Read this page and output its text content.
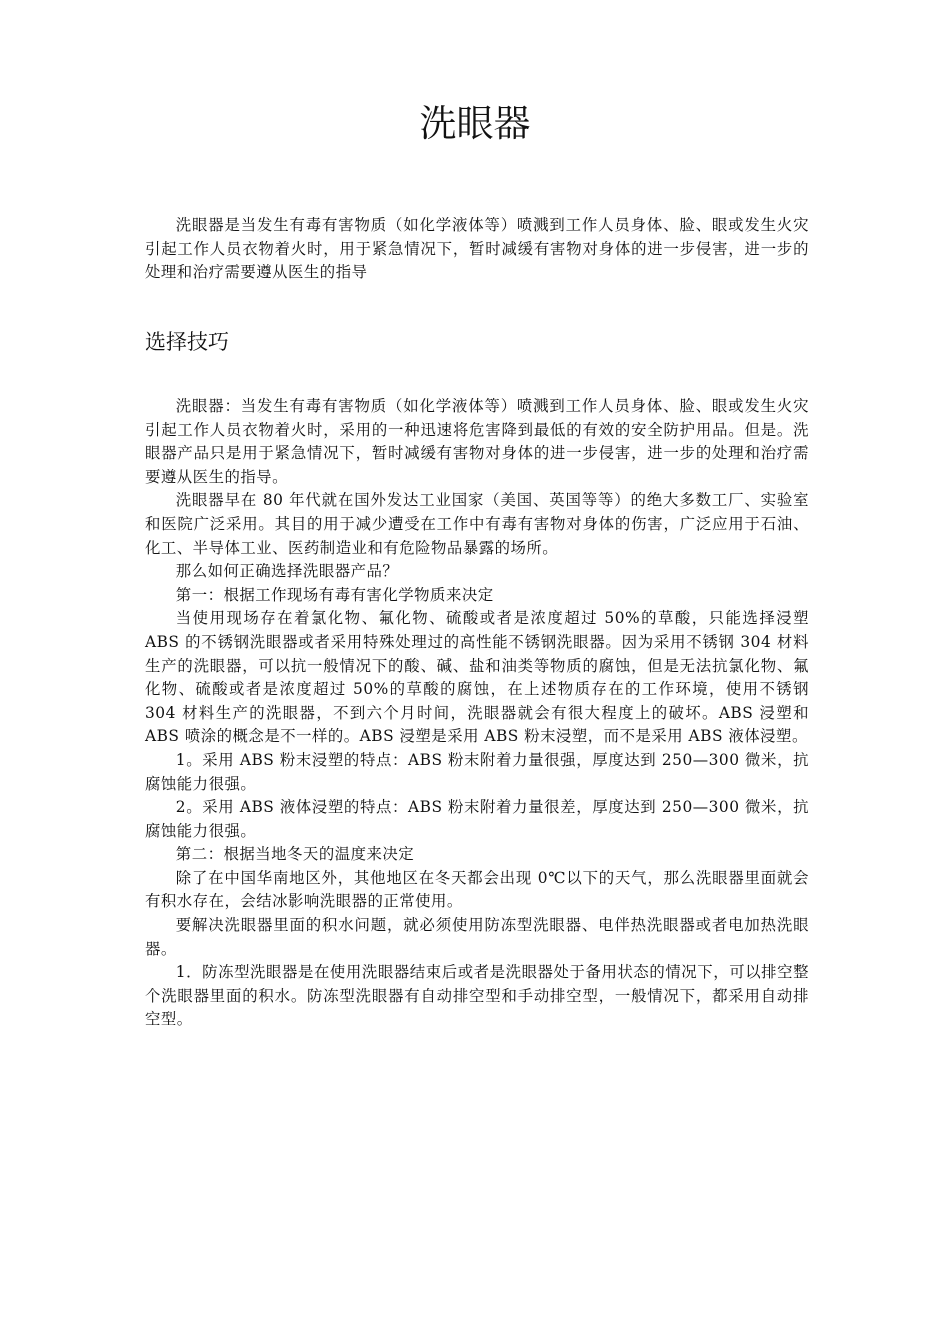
洗眼器

洗眼器是当发生有毒有害物质（如化学液体等）喷溅到工作人员身体、脸、眼或发生火灾引起工作人员衣物着火时，用于紧急情况下，暂时减缓有害物对身体的进一步侵害，进一步的处理和治疗需要遵从医生的指导

选择技巧

洗眼器：当发生有毒有害物质（如化学液体等）喷溅到工作人员身体、脸、眼或发生火灾引起工作人员衣物着火时，采用的一种迅速将危害降到最低的有效的安全防护用品。但是。洗眼器产品只是用于紧急情况下，暂时减缓有害物对身体的进一步侵害，进一步的处理和治疗需要遵从医生的指导。

洗眼器早在 80 年代就在国外发达工业国家（美国、英国等等）的绝大多数工厂、实验室和医院广泛采用。其目的用于减少遭受在工作中有毒有害物对身体的伤害，广泛应用于石油、化工、半导体工业、医药制造业和有危险物品暴露的场所。

那么如何正确选择洗眼器产品？

第一：根据工作现场有毒有害化学物质来决定

当使用现场存在着氯化物、氟化物、硫酸或者是浓度超过 50%的草酸，只能选择浸塑 ABS 的不锈钢洗眼器或者采用特殊处理过的高性能不锈钢洗眼器。因为采用不锈钢 304 材料生产的洗眼器，可以抗一般情况下的酸、碱、盐和油类等物质的腐蚀，但是无法抗氯化物、氟化物、硫酸或者是浓度超过 50%的草酸的腐蚀，在上述物质存在的工作环境，使用不锈钢 304 材料生产的洗眼器，不到六个月时间，洗眼器就会有很大程度上的破坏。ABS 浸塑和 ABS 喷涂的概念是不一样的。ABS 浸塑是采用 ABS 粉末浸塑，而不是采用 ABS 液体浸塑。

1。采用 ABS 粉末浸塑的特点：ABS 粉末附着力量很强，厚度达到 250—300 微米，抗腐蚀能力很强。

2。采用 ABS 液体浸塑的特点：ABS 粉末附着力量很差，厚度达到 250—300 微米，抗腐蚀能力很强。

第二：根据当地冬天的温度来决定

除了在中国华南地区外，其他地区在冬天都会出现 0℃以下的天气，那么洗眼器里面就会有积水存在，会结冰影响洗眼器的正常使用。

要解决洗眼器里面的积水问题，就必须使用防冻型洗眼器、电伴热洗眼器或者电加热洗眼器。

1．防冻型洗眼器是在使用洗眼器结束后或者是洗眼器处于备用状态的情况下，可以排空整个洗眼器里面的积水。防冻型洗眼器有自动排空型和手动排空型，一般情况下，都采用自动排空型。
